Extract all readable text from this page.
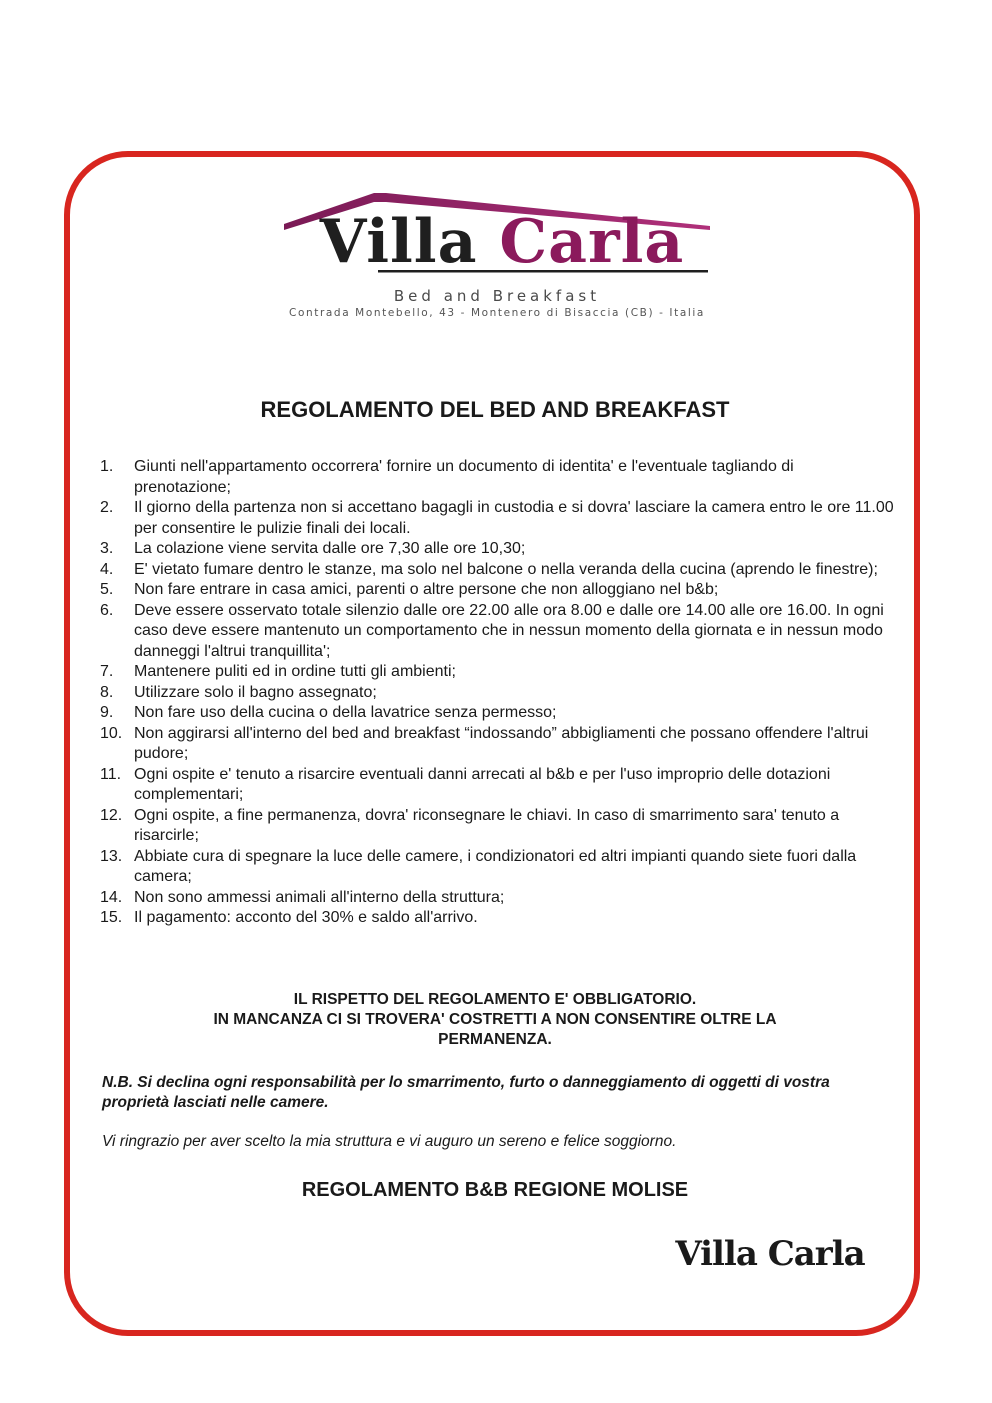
Villa Carla
Bed and Breakfast
Contrada Montebello, 43 - Montenero di Bisaccia (CB) - Italia
REGOLAMENTO DEL BED AND BREAKFAST
1.	Giunti nell'appartamento occorrera' fornire un documento di identita' e l'eventuale tagliando di prenotazione;
2.	Il giorno della partenza non si accettano bagagli in custodia e si dovra' lasciare la camera entro le ore 11.00 per consentire le pulizie finali dei locali.
3.	La colazione viene servita dalle ore 7,30 alle ore 10,30;
4.	E' vietato fumare dentro le stanze, ma solo nel balcone o nella veranda della cucina (aprendo le finestre);
5.	Non fare entrare in casa amici, parenti o altre persone che non alloggiano nel b&b;
6.	Deve essere osservato totale silenzio dalle ore 22.00 alle ora 8.00 e dalle ore 14.00 alle ore 16.00. In ogni caso deve essere mantenuto un comportamento che in nessun momento della giornata e in nessun modo danneggi l'altrui tranquillita';
7.	Mantenere puliti ed in ordine tutti gli ambienti;
8.	Utilizzare solo il bagno assegnato;
9.	Non fare uso della cucina o della lavatrice senza permesso;
10. Non aggirarsi all'interno del bed and breakfast “indossando” abbigliamenti che possano offendere l'altrui pudore;
11. Ogni ospite e' tenuto a risarcire eventuali danni arrecati al b&b e per l'uso improprio delle dotazioni complementari;
12. Ogni ospite, a fine permanenza, dovra' riconsegnare le chiavi. In caso di smarrimento sara' tenuto a risarcirle;
13. Abbiate cura di spegnare la luce delle camere, i condizionatori ed altri impianti quando siete fuori dalla camera;
14. Non sono ammessi animali all'interno della struttura;
15. Il pagamento: acconto del 30% e saldo all'arrivo.
IL RISPETTO DEL REGOLAMENTO E' OBBLIGATORIO.
IN MANCANZA CI SI TROVERA' COSTRETTI A NON CONSENTIRE OLTRE LA
PERMANENZA.
N.B. Si declina ogni responsabilità per lo smarrimento, furto o danneggiamento di oggetti di vostra proprietà lasciati nelle camere.
Vi ringrazio per aver scelto la mia struttura e vi auguro un sereno e felice soggiorno.
REGOLAMENTO B&B REGIONE MOLISE
Villa Carla
